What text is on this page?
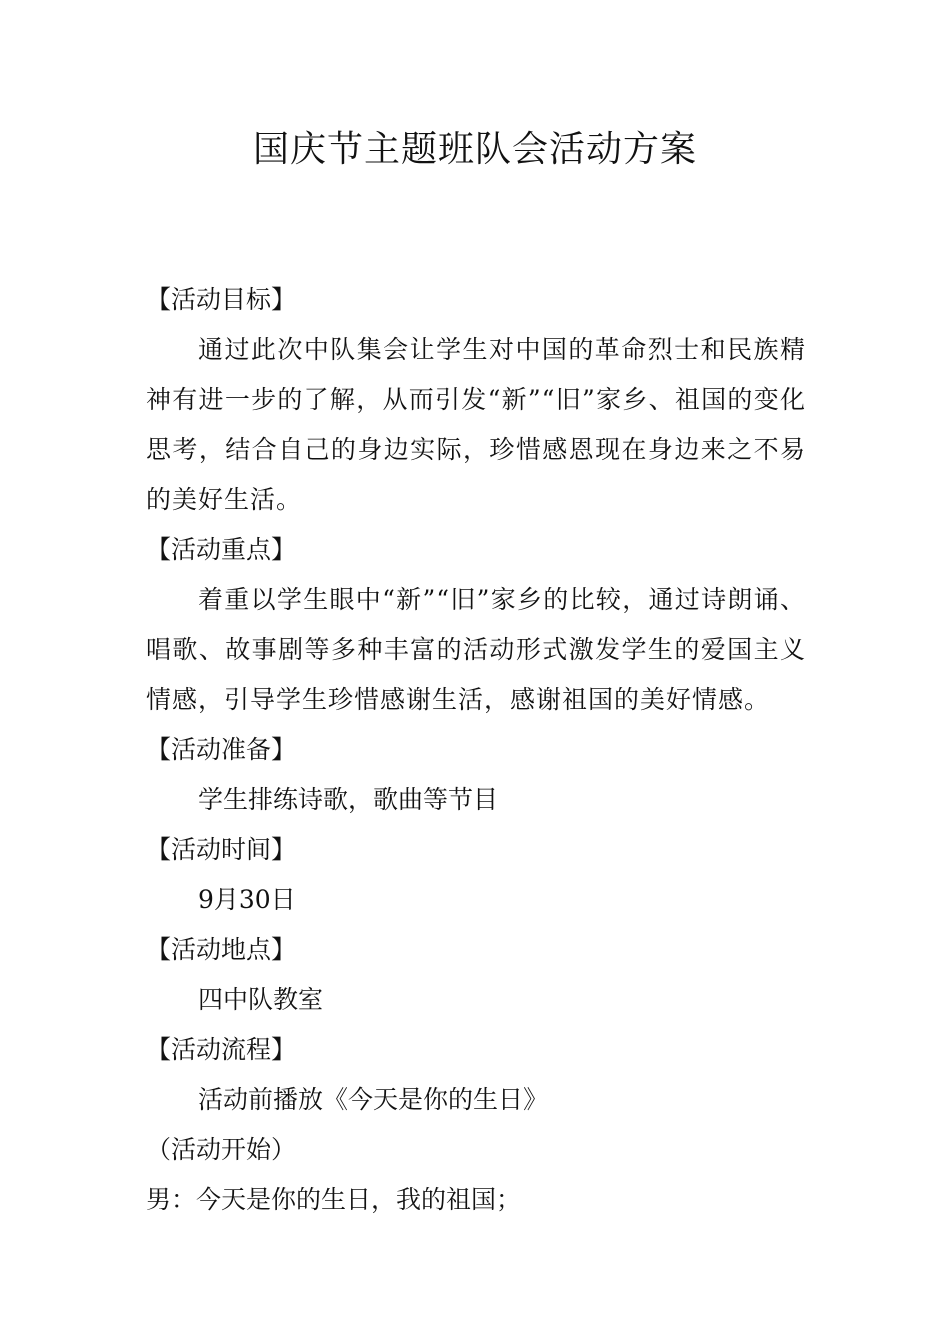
国庆节主题班队会活动方案

【活动目标】

通过此次中队集会让学生对中国的革命烈士和民族精神有进一步的了解，从而引发“新”“旧”家乡、祖国的变化思考，结合自己的身边实际，珍惜感恩现在身边来之不易的美好生活。

【活动重点】

着重以学生眼中“新”“旧”家乡的比较，通过诗朗诵、唱歌、故事剧等多种丰富的活动形式激发学生的爱国主义情感，引导学生珍惜感谢生活，感谢祖国的美好情感。

【活动准备】

学生排练诗歌，歌曲等节目

【活动时间】

9月30日

【活动地点】

四中队教室

【活动流程】

活动前播放《今天是你的生日》

（活动开始）

男：今天是你的生日，我的祖国；
